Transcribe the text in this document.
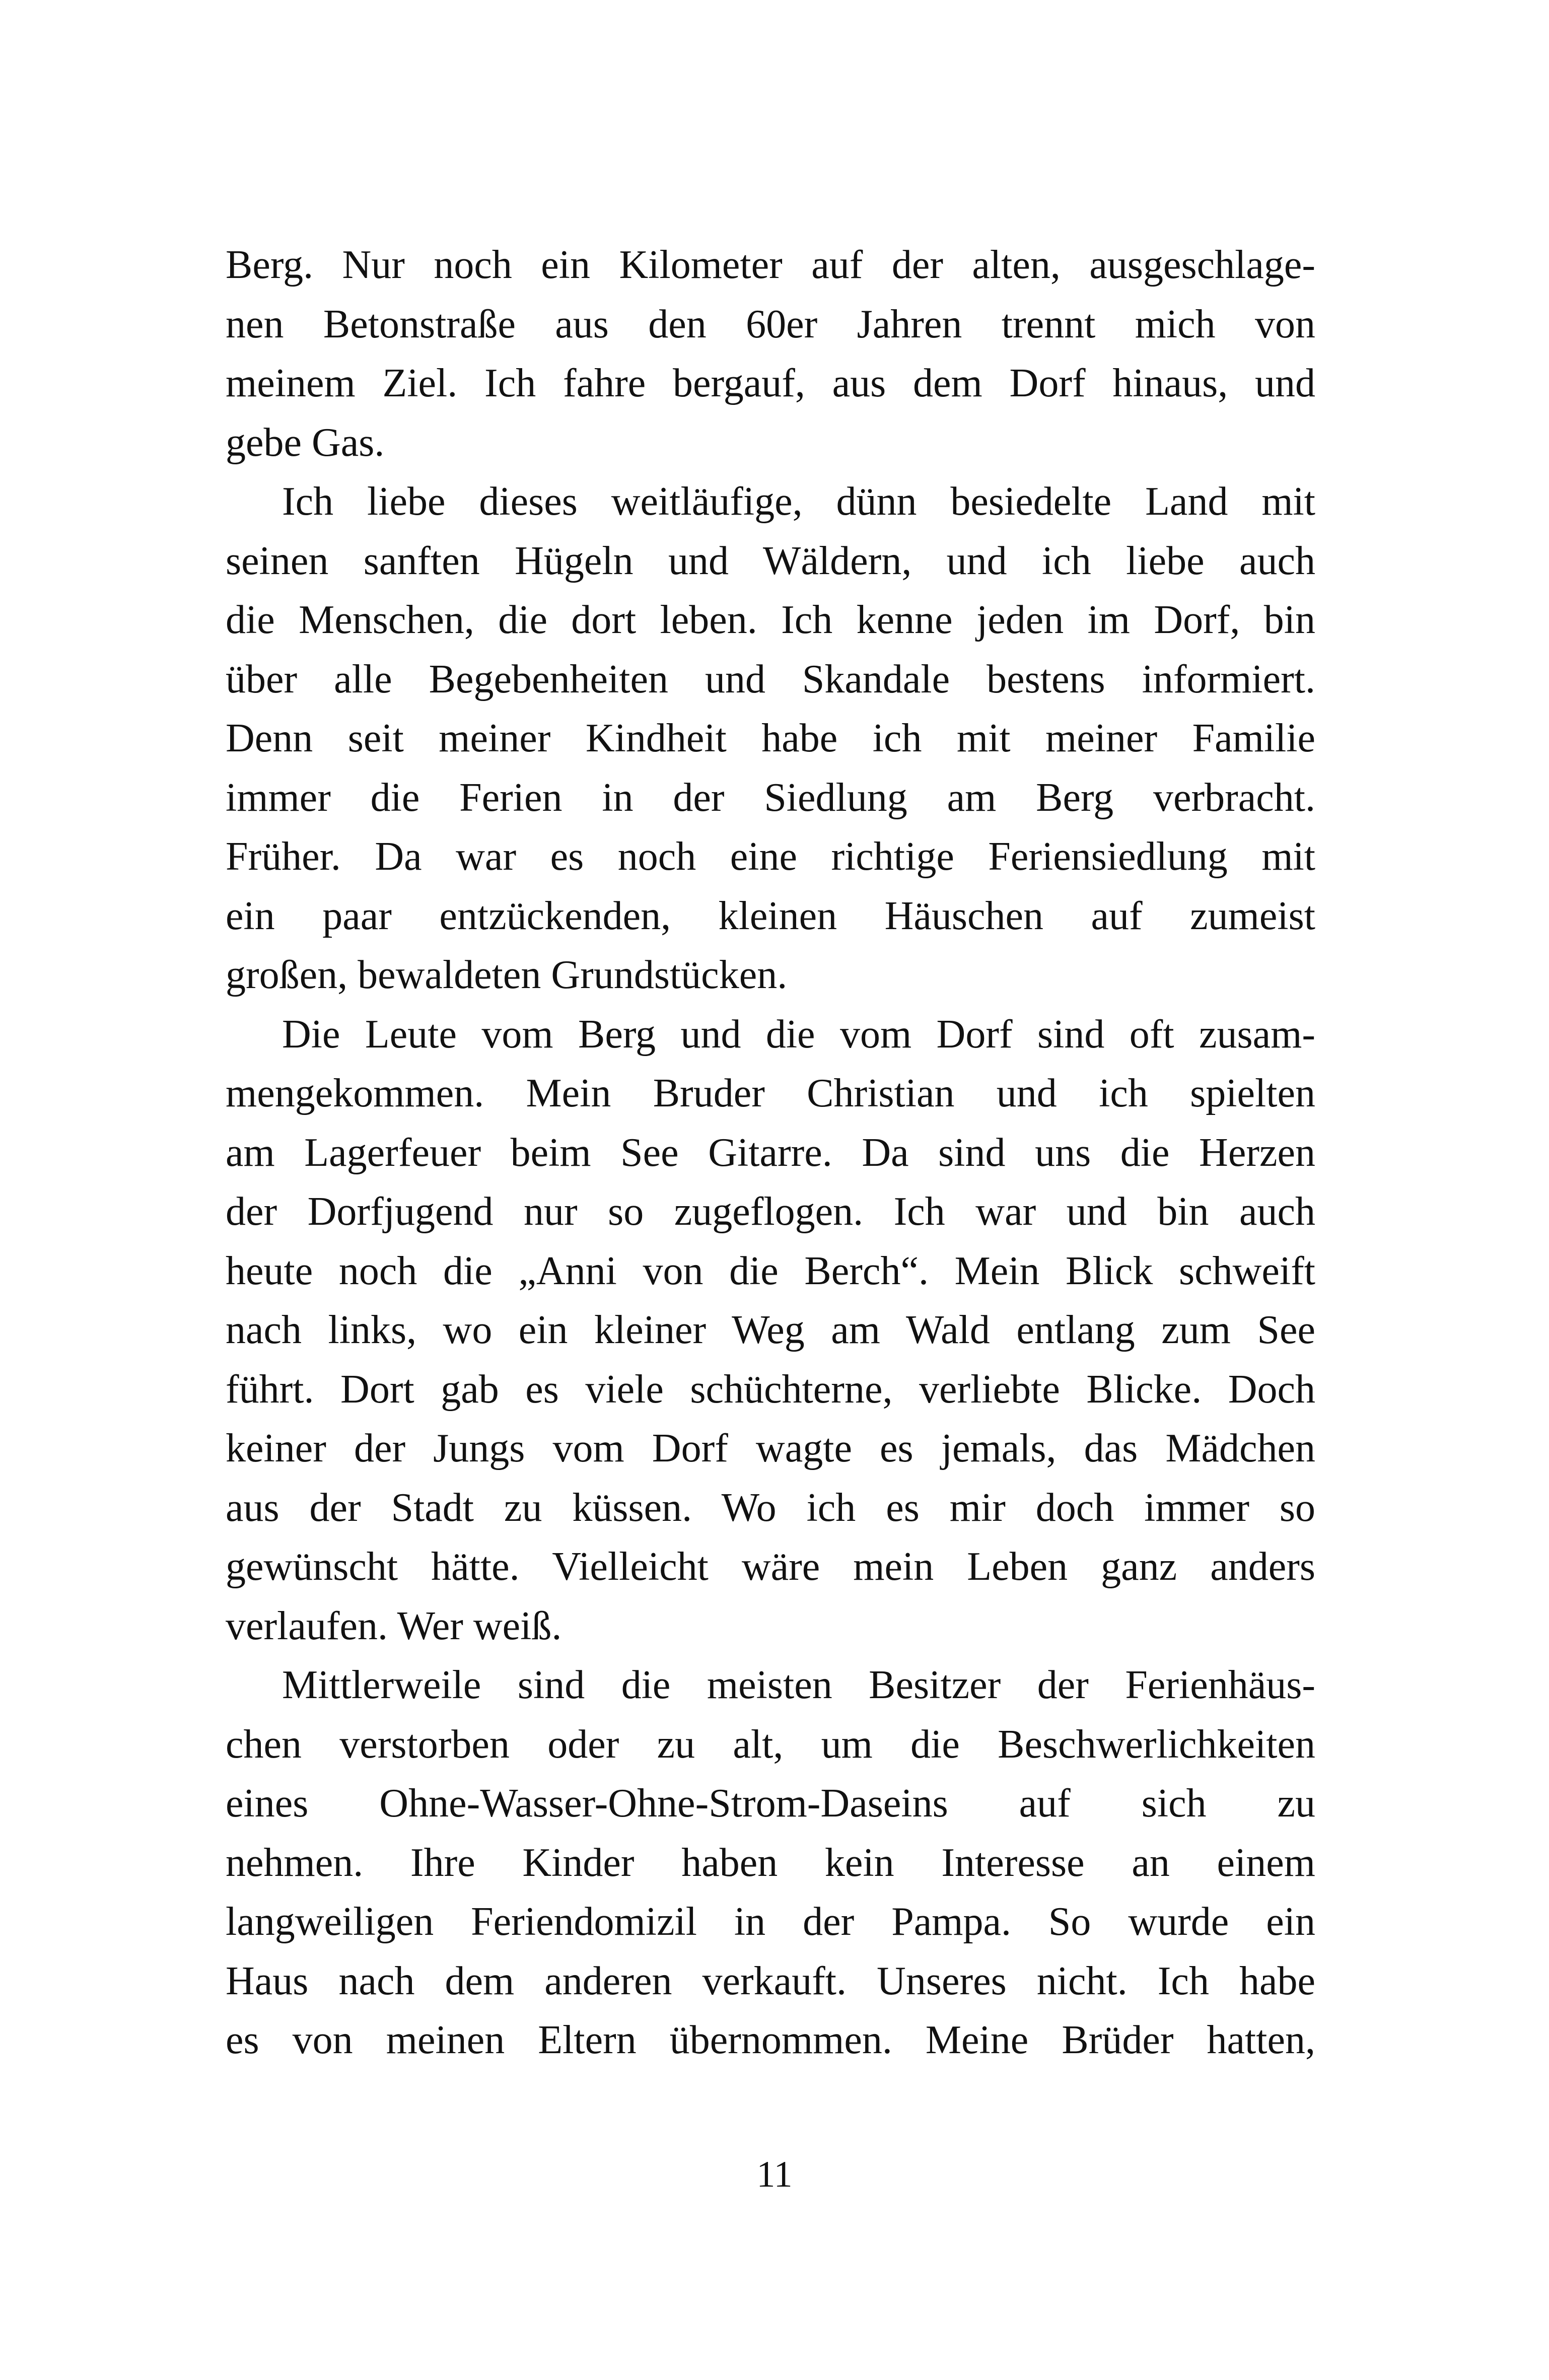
Berg. Nur noch ein Kilometer auf der alten, ausgeschlage-
nen Betonstraße aus den 60er Jahren trennt mich von
meinem Ziel. Ich fahre bergauf, aus dem Dorf hinaus, und
gebe Gas.
Ich liebe dieses weitläufige, dünn besiedelte Land mit
seinen sanften Hügeln und Wäldern, und ich liebe auch
die Menschen, die dort leben. Ich kenne jeden im Dorf, bin
über alle Begebenheiten und Skandale bestens informiert.
Denn seit meiner Kindheit habe ich mit meiner Familie
immer die Ferien in der Siedlung am Berg verbracht.
Früher. Da war es noch eine richtige Feriensiedlung mit
ein paar entzückenden, kleinen Häuschen auf zumeist
großen, bewaldeten Grundstücken.
Die Leute vom Berg und die vom Dorf sind oft zusam-
mengekommen. Mein Bruder Christian und ich spielten
am Lagerfeuer beim See Gitarre. Da sind uns die Herzen
der Dorfjugend nur so zugeflogen. Ich war und bin auch
heute noch die „Anni von die Berch“. Mein Blick schweift
nach links, wo ein kleiner Weg am Wald entlang zum See
führt. Dort gab es viele schüchterne, verliebte Blicke. Doch
keiner der Jungs vom Dorf wagte es jemals, das Mädchen
aus der Stadt zu küssen. Wo ich es mir doch immer so
gewünscht hätte. Vielleicht wäre mein Leben ganz anders
verlaufen. Wer weiß.
Mittlerweile sind die meisten Besitzer der Ferienhäus-
chen verstorben oder zu alt, um die Beschwerlichkeiten
eines Ohne-Wasser-Ohne-Strom-Daseins auf sich zu
nehmen. Ihre Kinder haben kein Interesse an einem
langweiligen Feriendomizil in der Pampa. So wurde ein
Haus nach dem anderen verkauft. Unseres nicht. Ich habe
es von meinen Eltern übernommen. Meine Brüder hatten,
11
